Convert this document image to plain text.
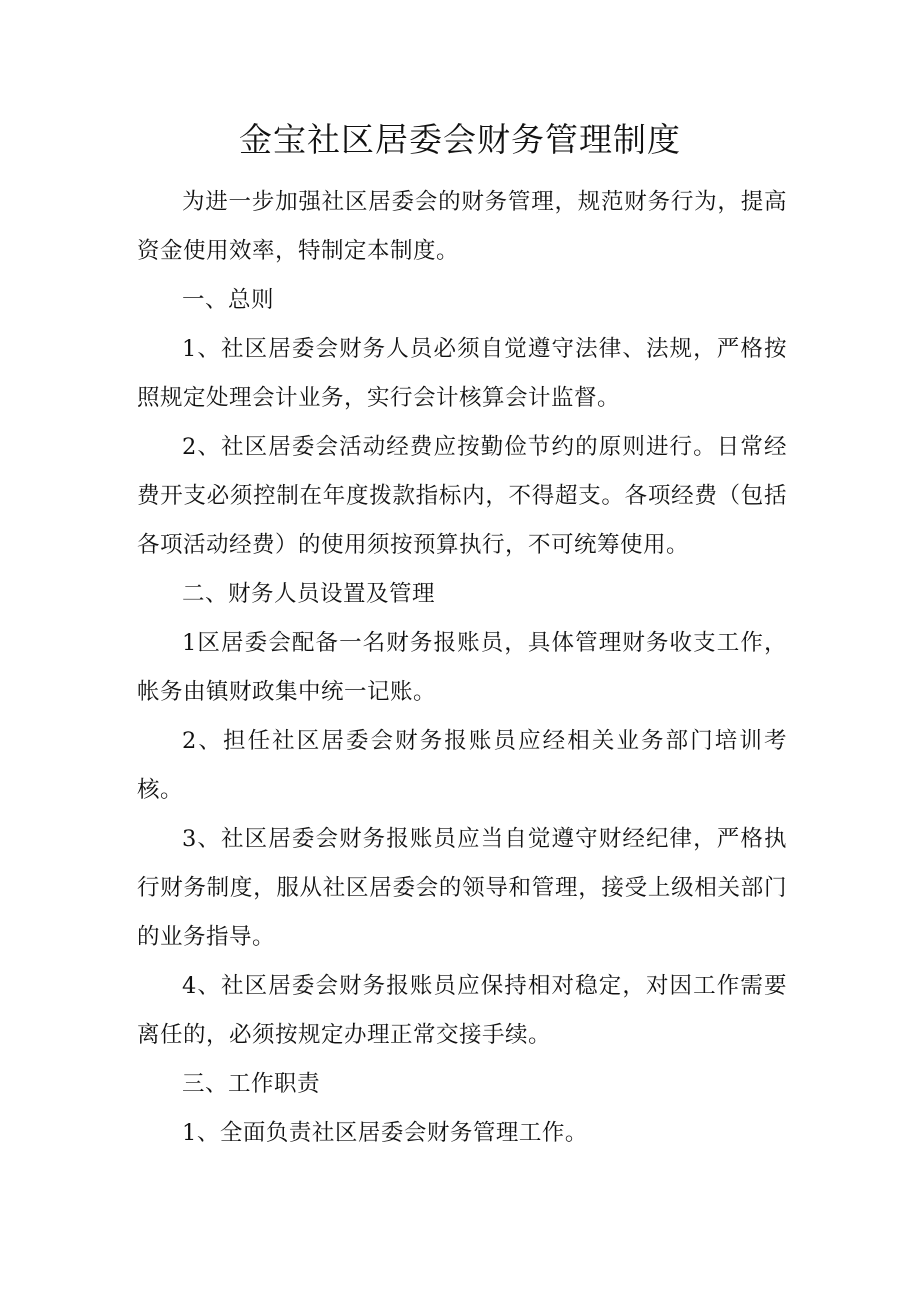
金宝社区居委会财务管理制度

为进一步加强社区居委会的财务管理，规范财务行为，提高资金使用效率，特制定本制度。

一、总则

1、社区居委会财务人员必须自觉遵守法律、法规，严格按照规定处理会计业务，实行会计核算会计监督。

2、社区居委会活动经费应按勤俭节约的原则进行。日常经费开支必须控制在年度拨款指标内，不得超支。各项经费（包括各项活动经费）的使用须按预算执行，不可统筹使用。

二、财务人员设置及管理

1区居委会配备一名财务报账员，具体管理财务收支工作，帐务由镇财政集中统一记账。

2、担任社区居委会财务报账员应经相关业务部门培训考核。

3、社区居委会财务报账员应当自觉遵守财经纪律，严格执行财务制度，服从社区居委会的领导和管理，接受上级相关部门的业务指导。

4、社区居委会财务报账员应保持相对稳定，对因工作需要离任的，必须按规定办理正常交接手续。

三、工作职责

1、全面负责社区居委会财务管理工作。
